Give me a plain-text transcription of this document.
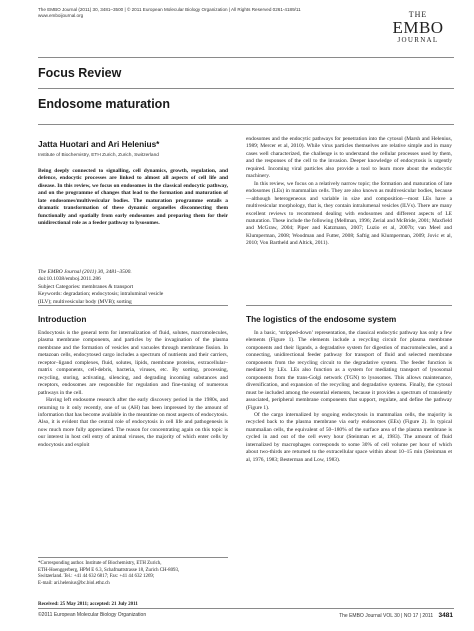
The EMBO Journal (2011) 30, 3481–3500 | © 2011 European Molecular Biology Organization | All Rights Reserved 0261-4189/11
www.emboijournal.org	THE
EMBO
JOURNAL
Focus Review
Endosome maturation
Jatta Huotari and Ari Helenius*
Institute of Biochemistry, ETH Zurich, Zurich, Switzerland

Being deeply connected to signalling, cell dynamics, growth, regulation, and defence, endocytic processes are linked to almost all aspects of cell life and disease. In this review, we focus on endosomes in the classical endocytic pathway, and on the programme of changes that lead to the formation and maturation of late endosomes/multivesicular bodies. The maturation programme entails a dramatic transformation of these dynamic organelles disconnecting them functionally and spatially from early endosomes and preparing them for their unidirectional role as a feeder pathway to lysosomes.

The EMBO Journal (2011) 30, 3481–3500.
doi:10.1038/emboj.2011.286
Subject Categories: membranes & transport
Keywords: degradation; endocytosis; intraluminal vesicle
(ILV); multivesicular body (MVB); sorting
Introduction

Endocytosis is the general term for internalization of fluid, solutes, macromolecules, plasma membrane components, and particles by the invagination of the plasma membrane and the formation of vesicles and vacuoles through membrane fission. In metazoan cells, endocytosed cargo includes a spectrum of nutrients and their carriers, receptor–ligand complexes, fluid, solutes, lipids, membrane proteins, extracellular–matrix components, cell-debris, bacteria, viruses, etc. By sorting, processing, recycling, storing, activating, silencing, and degrading incoming substances and receptors, endosomes are responsible for regulation and fine-tuning of numerous pathways in the cell.

Having left endosome research after the early discovery period in the 1980s, and returning to it only recently, one of us (AH) has been impressed by the amount of information that has become available in the meantime on most aspects of endocytosis. Also, it is evident that the central role of endocytosis in cell life and pathogenesis is now much more fully appreciated. The reason for concentrating again on this topic is our interest in host cell entry of animal viruses, the majority of which enter cells by endocytosis and exploit

endosomes and the endocytic pathways for penetration into the cytosol (Marsh and Helenius, 1989; Mercer et al, 2010). While virus particles themselves are relative simple and in many cases well characterized, the challenge is to understand the cellular processes used by them, and the responses of the cell to the invasion. Deeper knowledge of endocytosis is urgently required. Incoming viral particles also provide a tool to learn more about the endocytic machinery.

In this review, we focus on a relatively narrow topic; the formation and maturation of late endosomes (LEs) in mammalian cells. They are also known as multivesicular bodies, because—although heterogeneous and variable in size and composition—most LEs have a multivesicular morphology, that is, they contain intralumenal vesicles (ILVs). There are many excellent reviews to recommend dealing with endosomes and different aspects of LE maturation. These include the following (Mellman, 1996; Zerial and McBride, 2001; Maxfield and McGraw, 2004; Piper and Katzmann, 2007; Luzio et al, 2007b; van Meel and Klumperman, 2008; Woodman and Futter, 2008; Saftig and Klumperman, 2009; Jovic et al, 2010; Von Bartheld and Altick, 2011).

The logistics of the endosome system

In a basic, ‘stripped-down’ representation, the classical endocytic pathway has only a few elements (Figure 1). The elements include a recycling circuit for plasma membrane components and their ligands, a degradative system for digestion of macromolecules, and a connecting, unidirectional feeder pathway for transport of fluid and selected membrane components from the recycling circuit to the degradative system. The feeder function is mediated by LEs. LEs also function as a system for mediating transport of lysosomal components from the trans-Golgi network (TGN) to lysosomes. This allows maintenance, diversification, and expansion of the recycling and degradative systems. Finally, the cytosol must be included among the essential elements, because it provides a spectrum of transiently associated, peripheral membrane components that support, regulate, and define the pathway (Figure 1).

Of the cargo internalized by ongoing endocytosis in mammalian cells, the majority is recycled back to the plasma membrane via early endosomes (EEs) (Figure 2). In typical mammalian cells, the equivalent of 50–180% of the surface area of the plasma membrane is cycled in and out of the cell every hour (Steinman et al, 1983). The amount of fluid internalized by macrophages corresponds to some 30% of cell volume per hour of which about two-thirds are returned to the extracellular space within about 10–15 min (Steinman et al, 1976, 1983; Besterman and Low, 1983).

*Corresponding author. Institute of Biochemistry, ETH Zurich,
ETH-Hoenggerberg, HPM E 6.3, Schafmattstrasse 18, Zurich CH-8093,
Switzerland. Tel.: +41 44 632 6817; Fax: +41 44 632 1269;
E-mail: ari.helenius@bc.biol.ethz.ch
Received: 25 May 2011; accepted: 21 July 2011
©2011 European Molecular Biology Organization	The EMBO Journal VOL 30 | NO 17 | 2011 3481
